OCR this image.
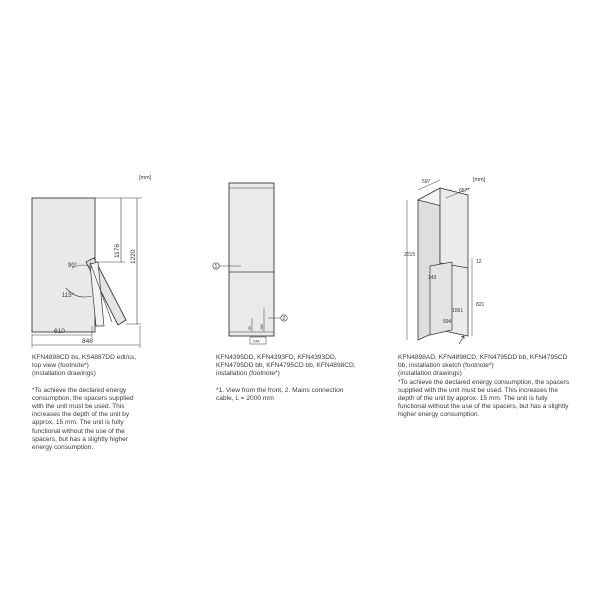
[mm]
90°
115°
1176 1220
610
848

KFN4898CD bs, KS4887DD edt/cs, top view (footnote*)

(installation drawings)

*To achieve the declared energy consumption, the spacers supplied with the unit must be used. This increases the depth of the unit by approx. 15 mm. The unit is fully functional without the use of the spacers, but has a slightly higher energy consumption.

1
2
50 280
244

KFN4395DD, KFN4393FD, KFN4393DD, KFN4795DD bb, KFN4795CD bb, KFN4898CD, installation (footnote*)

*1. View from the front, 2. Mains connection cable, L = 2000 mm

[mm]
597
657*
2015
12
821
143
1061
594

KFN4898AD, KFN4898CD, KFN4795DD bb, KFN4795CD bb, installation sketch (footnote*)

(installation drawings)

*To achieve the declared energy consumption, the spacers supplied with the unit must be used. This increases the depth of the unit by approx. 15 mm. The unit is fully functional without the use of the spacers, but has a slightly higher energy consumption.
